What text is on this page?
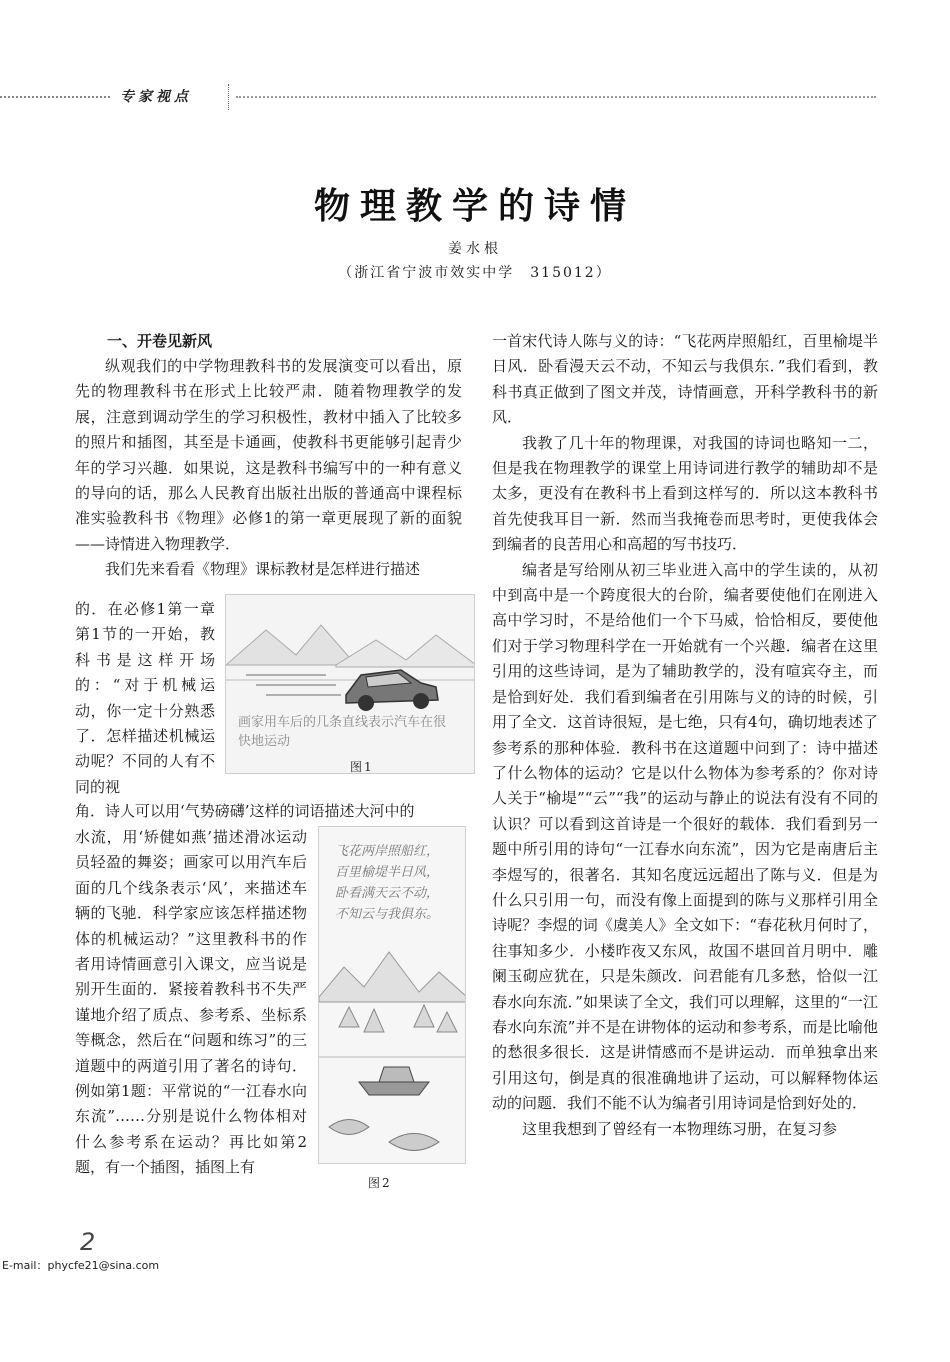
专家视点
物理教学的诗情
姜水根
（浙江省宁波市效实中学　315012）
一、开卷见新风

纵观我们的中学物理教科书的发展演变可以看出，原先的物理教科书在形式上比较严肃．随着物理教学的发展，注意到调动学生的学习积极性，教材中插入了比较多的照片和插图，其至是卡通画，使教科书更能够引起青少年的学习兴趣．如果说，这是教科书编写中的一种有意义的导向的话，那么人民教育出版社出版的普通高中课程标准实验教科书《物理》必修1的第一章更展现了新的面貌——诗情进入物理教学．

我们先来看看《物理》课标教材是怎样进行描述

的．在必修1第一章第1节的一开始，教科书是这样开场的：“对于机械运动，你一定十分熟悉了．怎样描述机械运动呢？不同的人有不同的视

画家用车后的几条直线表示汽车在很快地运动
图1

角．诗人可以用‘气势磅礴’这样的词语描述大河中的

水流，用‘矫健如燕’描述滑冰运动员轻盈的舞姿；画家可以用汽车后面的几个线条表示‘风’，来描述车辆的飞驰．科学家应该怎样描述物体的机械运动？”这里教科书的作者用诗情画意引入课文，应当说是别开生面的．紧接着教科书不失严谨地介绍了质点、参考系、坐标系等概念，然后在“问题和练习”的三道题中的两道引用了著名的诗句．例如第1题：平常说的“一江春水向东流”……分别是说什么物体相对什么参考系在运动？再比如第2题，有一个插图，插图上有

飞花两岸照船红，百里榆堤半日风，卧看满天云不动，不知云与我俱东。
图2

一首宋代诗人陈与义的诗：“飞花两岸照船红，百里榆堤半日风．卧看漫天云不动，不知云与我俱东．”我们看到，教科书真正做到了图文并茂，诗情画意，开科学教科书的新风．

我教了几十年的物理课，对我国的诗词也略知一二，但是我在物理教学的课堂上用诗词进行教学的辅助却不是太多，更没有在教科书上看到这样写的．所以这本教科书首先使我耳目一新．然而当我掩卷而思考时，更使我体会到编者的良苦用心和高超的写书技巧．

编者是写给刚从初三毕业进入高中的学生读的，从初中到高中是一个跨度很大的台阶，编者要使他们在刚进入高中学习时，不是给他们一个下马威，恰恰相反，要使他们对于学习物理科学在一开始就有一个兴趣．编者在这里引用的这些诗词，是为了辅助教学的，没有喧宾夺主，而是恰到好处．我们看到编者在引用陈与义的诗的时候，引用了全文．这首诗很短，是七绝，只有4句，确切地表述了参考系的那种体验．教科书在这道题中问到了：诗中描述了什么物体的运动？它是以什么物体为参考系的？你对诗人关于“榆堤”“云”“我”的运动与静止的说法有没有不同的认识？可以看到这首诗是一个很好的载体．我们看到另一题中所引用的诗句“一江春水向东流”，因为它是南唐后主李煜写的，很著名．其知名度远远超出了陈与义．但是为什么只引用一句，而没有像上面提到的陈与义那样引用全诗呢？李煜的词《虞美人》全文如下：“春花秋月何时了，往事知多少．小楼昨夜又东风，故国不堪回首月明中．雕阑玉砌应犹在，只是朱颜改．问君能有几多愁，恰似一江春水向东流．”如果读了全文，我们可以理解，这里的“一江春水向东流”并不是在讲物体的运动和参考系，而是比喻他的愁很多很长．这是讲情感而不是讲运动．而单独拿出来引用这句，倒是真的很准确地讲了运动，可以解释物体运动的问题．我们不能不认为编者引用诗词是恰到好处的．

这里我想到了曾经有一本物理练习册，在复习参

2
E-mail：phycfe21@sina.com
